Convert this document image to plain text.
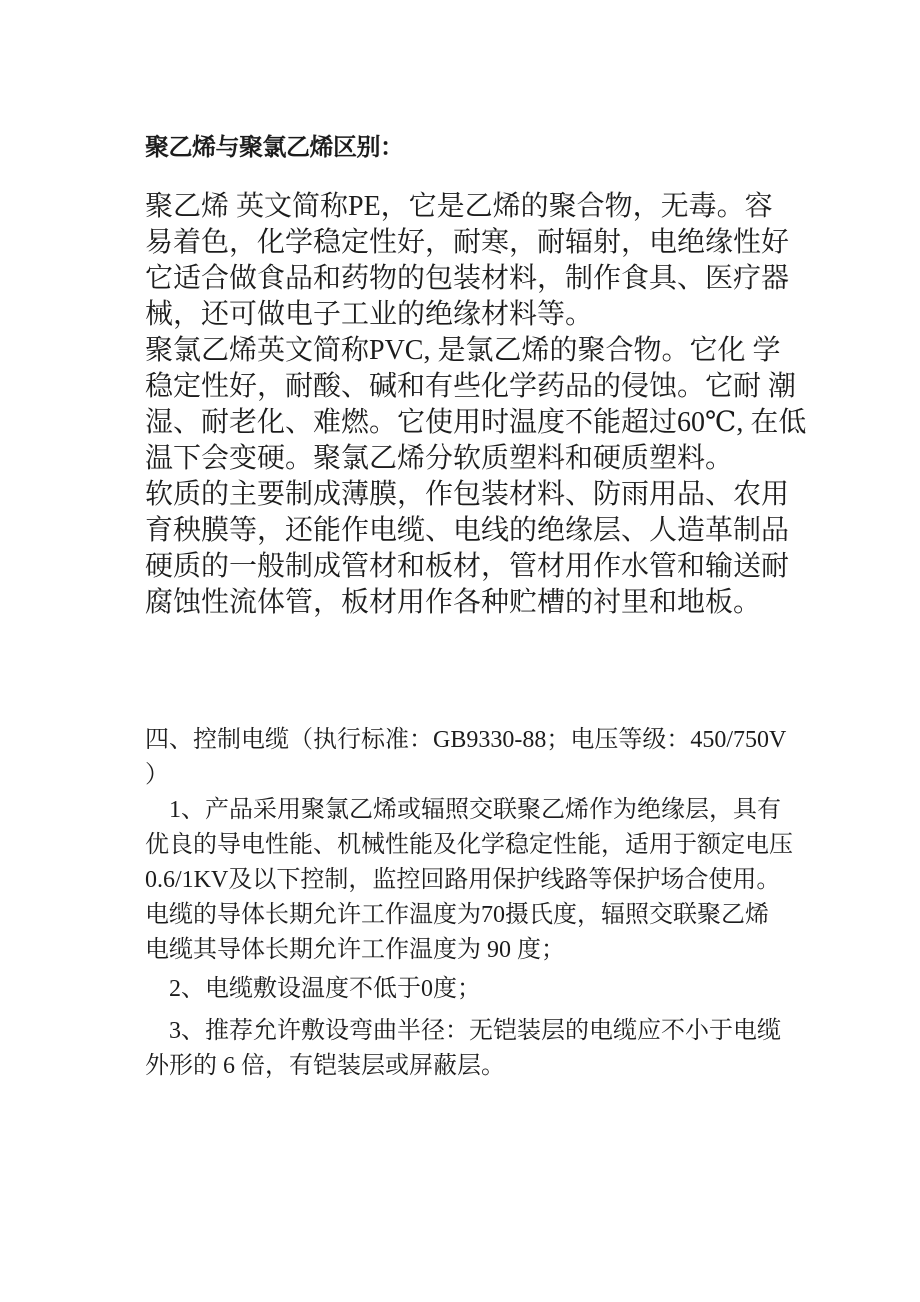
聚乙烯与聚氯乙烯区别：
聚乙烯 英文简称PE，它是乙烯的聚合物，无毒。容
易着色，化学稳定性好，耐寒，耐辐射，电绝缘性好
它适合做食品和药物的包装材料，制作食具、医疗器
械，还可做电子工业的绝缘材料等。
聚氯乙烯英文简称PVC, 是氯乙烯的聚合物。它化 学
稳定性好，耐酸、碱和有些化学药品的侵蚀。它耐 潮
湿、耐老化、难燃。它使用时温度不能超过60℃, 在低
温下会变硬。聚氯乙烯分软质塑料和硬质塑料。
软质的主要制成薄膜，作包装材料、防雨用品、农用
育秧膜等，还能作电缆、电线的绝缘层、人造革制品
硬质的一般制成管材和板材，管材用作水管和输送耐
腐蚀性流体管，板材用作各种贮槽的衬里和地板。
四、控制电缆（执行标准：GB9330-88；电压等级：450/750V
）
1、产品采用聚氯乙烯或辐照交联聚乙烯作为绝缘层，具有
优良的导电性能、机械性能及化学稳定性能，适用于额定电压
0.6/1KV及以下控制，监控回路用保护线路等保护场合使用。
电缆的导体长期允许工作温度为70摄氏度，辐照交联聚乙烯
电缆其导体长期允许工作温度为 90 度；
2、电缆敷设温度不低于0度；
3、推荐允许敷设弯曲半径：无铠装层的电缆应不小于电缆
外形的 6 倍，有铠装层或屏蔽层。
